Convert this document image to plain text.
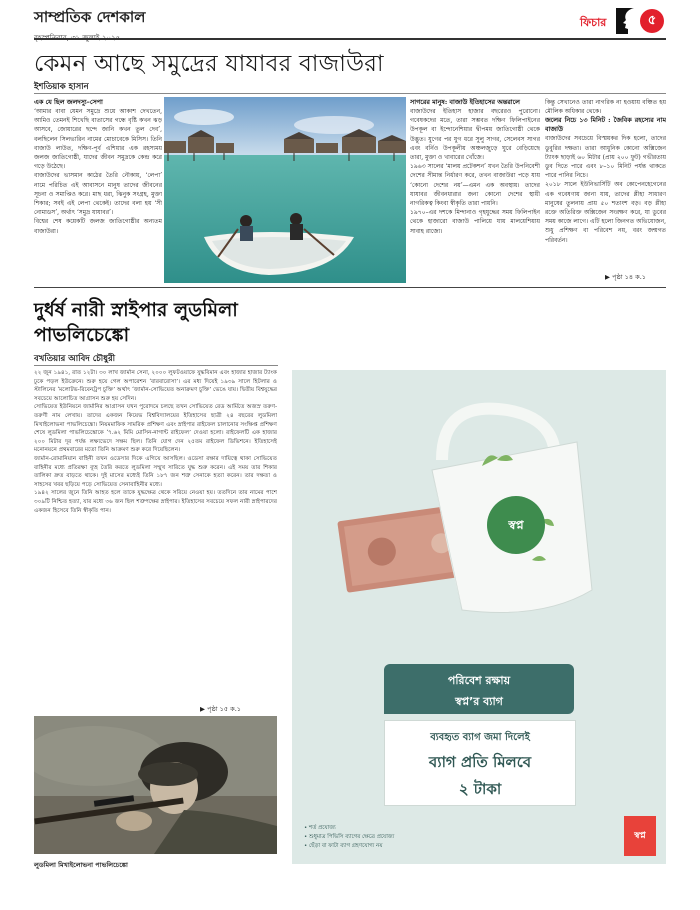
সাম্প্রতিক দেশকাল	ফিচার	৫
কেমন আছে সমুদ্রের যাযাবর বাজাউরা
ইশতিয়াক হাসান

এক যে ছিল জলদস্যু–সেপা

‘আমার বাবা যেমন সমুদ্রে শুয়ে আকাশ দেখতেন, আমিও তেমনই শিখেছি বাতাসের গন্ধে বৃষ্টি কখন ঝড় আসবে, জোয়ারের ছন্দে জানি কখন তুল দেব’, বলছিলেন সিলভারিন নামের মোচাবেকে মিসিস। তিনি বাজাউ লাউত, দক্ষিণ-পূর্ব এশিয়ার এক রহস্যময় জলজ জাতিগোষ্ঠী, যাদের জীবন সমুদ্রকে কেন্দ্র করে গড়ে উঠেছে।

বাজাউদের ভাসমান কাঠের তৈরি নৌকায়, ‘লেপা’ নামে পরিচিত এই আবাসনে মানুষ তাদের জীবনের সূচনা ও সমাপ্তিও করে। মাছ ধরা, ঝিনুক সংগ্রহ, মুক্তা শিকার; সবই এই লেপা থেকেই। তাদের বলা হয় ‘সী নোমাডস’, অর্থাৎ ‘সমুদ্র যাযাবর’।

বিশ্বের শেষ কয়েকটি জলজ জাতিগোষ্ঠীর অন্যতম বাজাউরা।

সাগরের মানুষ: বাজাউ ইতিহাসের অন্তরালে

বাজাউদের ইতিহাস হাজার বছরেরও পুরোনো। গবেষকদের মতে, তারা সম্ভবত দক্ষিণ ফিলিপাইনের উপকূল বা ইন্দোনেশিয়ার দ্বীপময় জাতিগোষ্ঠী থেকে উদ্ভূত। যুগের পর যুগ ধরে সুলু সাগর, সেলেবস সাগর এবং বর্নিও উপকূলীয় অঞ্চলজুড়ে ঘুরে বেড়িয়েছে তারা, মুক্তা ও খাবারের খোঁজে।

১৯৬৩ সালের ‘মালয় প্রটেকশন’ যখন তৈরি উপনিবেশী দেশের সীমান্ত নির্ধারণ করে, তখন বাজাউরা পড়ে যায় ‘কোনো দেশের নয়’—এমন এক অবস্থায়। তাদের যাযাবর জীবনধারার জন্য কোনো দেশের স্থায়ী নাগরিকত্ব কিংবা স্বীকৃতি তারা পায়নি।

১৯৭০–এর দশকে মিন্দানাও গৃহযুদ্ধের সময় ফিলিপাইন থেকে হাজারো বাজাউ পালিয়ে যায় মালয়েশিয়ায় সাবাহ রাজ্যে।

কিন্তু সেখানেও তারা নাগরিক না হওয়ায় বঞ্চিত হয় মৌলিক অধিকার থেকে।

জলের নিচে ১৩ মিনিট : জৈবিক রহস্যের নাম বাজাউ

বাজাউদের সবচেয়ে বিস্ময়কর দিক হলো, তাদের ডুবুরির দক্ষতা। তারা আধুনিক কোনো অক্সিজেন ট্যাংক ছাড়াই ৬০ মিটার (প্রায় ২০০ ফুট) গভীরতায় ডুব দিতে পারে এবং ৮–১০ মিনিট পর্যন্ত থাকতে পারে পানির নিচে।

২০১৮ সালে ইউনিভার্সিটি অব কোপেনহেগেনের এক গবেষণায় জানা যায়, তাদের প্লীহা সাধারণ মানুষের তুলনায় প্রায় ৫০ শতাংশ বড়। বড় প্লীহা রক্তে অতিরিক্ত অক্সিজেন সংরক্ষণ করে, যা ডুবের সময় কাজে লাগে। এটি হলো জিনগত অভিযোজন, শুধু প্রশিক্ষণ বা পরিবেশ নয়, বরং জন্মগত পরিবর্তন।

▶ পৃষ্ঠা ১৪ ক.১
দুর্ধর্ষ নারী স্নাইপার লুডমিলা
পাভলিচেঙ্কো
বখতিয়ার আবিদ চৌধুরী

২২ জুন ১৯৪১, রাত ১২টা। ৩০ লাখ জার্মান সেনা, ২০০০ লুফটওয়াফে যুদ্ধবিমান এবং হাজার হাজার ট্যাংক ঢুকে পড়ল ইউক্রেনে। শুরু হয়ে গেল অপারেশন ‘বারবারোসা’। এর মধ্য দিয়েই ১৯৩৯ সালে হিটলার ও স্টালিনের ‘মলোটভ-রিবেনট্রপ চুক্তি’ অর্থাৎ ‘জার্মান-সোভিয়েত অনাক্রমণ চুক্তি’ ভেঙে যায়। দ্বিতীয় বিশ্বযুদ্ধের সবচেয়ে আলোচিত আগ্রাসন শুরু হয় সেদিন।

সোভিয়েত ইউনিয়নে জার্মানির আগ্রাসন যখন পুরোদমে চলছে তখন সোভিয়েত রেড আর্মিতে অজস্র তরুণ-তরুণী নাম লেখায়। তাদের একজন কিয়েভ বিশ্ববিদ্যালয়ের ইতিহাসের ছাত্রী ২৪ বছরের লুডমিলা মিখাইলোভনা পাভলিচেঙ্কো। নিয়মমাফিক সামরিক প্রশিক্ষণ এবং স্নাইপার রাইফেল চালানোর সংক্ষিপ্ত প্রশিক্ষণ শেষে লুডমিলা পাভলিচেঙ্কোকে ‘৭.৬২ মিমি মোসিন-নাগান্ট রাইফেল’ দেওয়া হলো। রাইফেলটি এক হাজার ২০০ মিটার দূর পর্যন্ত লক্ষ্যভেদে সক্ষম ছিল। তিনি যোগ দেন ২৫তম রাইফেল ডিভিশনে। ইতিহাসেই মনোনয়নে প্রথমবারের মতো তিনি আক্রমণ শুরু করে দিয়েছিলেন।

জার্মান-রোমানিয়ান বাহিনী তখন ওডেসার দিকে এগিয়ে আসছিল। ওডেসা রক্ষার দায়িত্বে থাকা সোভিয়েত বাহিনীর মধ্যে প্রতিরক্ষা ব্যূহ তৈরি করতে লুডমিলা সম্মুখ সারিতে যুদ্ধ শুরু করেন। এই সময় তার শিকার তালিকা দ্রুত বাড়তে থাকে। দুই মাসের মধ্যেই তিনি ১৮৭ জন শত্রু সেনাকে হত্যা করেন। তার দক্ষতা ও সাহসের খবর ছড়িয়ে পড়ে সোভিয়েত সেনাবাহিনীর মধ্যে।

১৯৪২ সালের জুনে তিনি আহত হলে তাকে যুদ্ধক্ষেত্র থেকে সরিয়ে নেওয়া হয়। ততদিনে তার নামের পাশে ৩০৯টি নিশ্চিত হত্যা, যার মধ্যে ৩৬ জন ছিল শত্রুপক্ষের স্নাইপার। ইতিহাসের সবচেয়ে সফল নারী স্নাইপারদের একজন হিসেবে তিনি স্বীকৃতি পান।

▶ পৃষ্ঠা ১৫ ক.১
লুডমিলা মিখাইলোভনা পাভলিচেঙ্কো
স্বপ্ন
পরিবেশ রক্ষায়
স্বপ্ন’র ব্যাগ
ব্যবহৃত ব্যাগ জমা দিলেই
ব্যাগ প্রতি মিলবে
২ টাকা
• শর্ত প্রযোজ্য
• শুধুমাত্র পিভিসি ব্যাগের ক্ষেত্রে প্রযোজ্য
• ছেঁড়া বা ফাটা ব্যাগ গ্রহণযোগ্য নয়
স্বপ্ন
